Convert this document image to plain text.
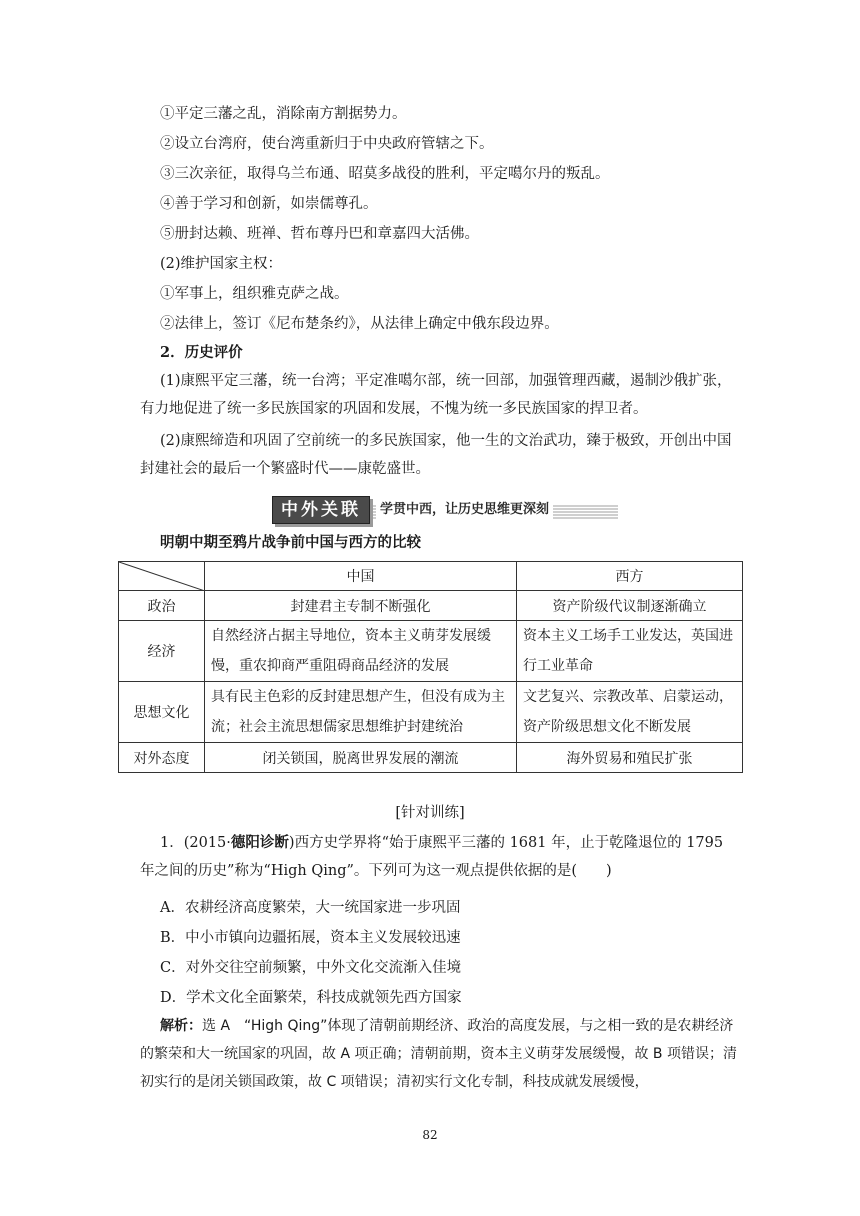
①平定三藩之乱，消除南方割据势力。
②设立台湾府，使台湾重新归于中央政府管辖之下。
③三次亲征，取得乌兰布通、昭莫多战役的胜利，平定噶尔丹的叛乱。
④善于学习和创新，如崇儒尊孔。
⑤册封达赖、班禅、哲布尊丹巴和章嘉四大活佛。
(2)维护国家主权：
①军事上，组织雅克萨之战。
②法律上，签订《尼布楚条约》，从法律上确定中俄东段边界。
2．历史评价
(1)康熙平定三藩，统一台湾；平定准噶尔部，统一回部，加强管理西藏，遏制沙俄扩张，有力地促进了统一多民族国家的巩固和发展，不愧为统一多民族国家的捍卫者。
(2)康熙缔造和巩固了空前统一的多民族国家，他一生的文治武功，臻于极致，开创出中国封建社会的最后一个繁盛时代——康乾盛世。
中外关联	学贯中西，让历史思维更深刻
明朝中期至鸦片战争前中国与西方的比较
	中国	西方
政治	封建君主专制不断强化	资产阶级代议制逐渐确立
经济	自然经济占据主导地位，资本主义萌芽发展缓慢，重农抑商严重阻碍商品经济的发展	资本主义工场手工业发达，英国进行工业革命
思想文化	具有民主色彩的反封建思想产生，但没有成为主流；社会主流思想儒家思想维护封建统治	文艺复兴、宗教改革、启蒙运动，资产阶级思想文化不断发展
对外态度	闭关锁国，脱离世界发展的潮流	海外贸易和殖民扩张
[针对训练]
1．(2015·德阳诊断)西方史学界将“始于康熙平三藩的 1681 年，止于乾隆退位的 1795 年之间的历史”称为“High Qing”。下列可为这一观点提供依据的是(　　)
A．农耕经济高度繁荣，大一统国家进一步巩固
B．中小市镇向边疆拓展，资本主义发展较迅速
C．对外交往空前频繁，中外文化交流渐入佳境
D．学术文化全面繁荣，科技成就领先西方国家
解析：选 A　“High Qing”体现了清朝前期经济、政治的高度发展，与之相一致的是农耕经济的繁荣和大一统国家的巩固，故 A 项正确；清朝前期，资本主义萌芽发展缓慢，故 B 项错误；清初实行的是闭关锁国政策，故 C 项错误；清初实行文化专制，科技成就发展缓慢，
82
